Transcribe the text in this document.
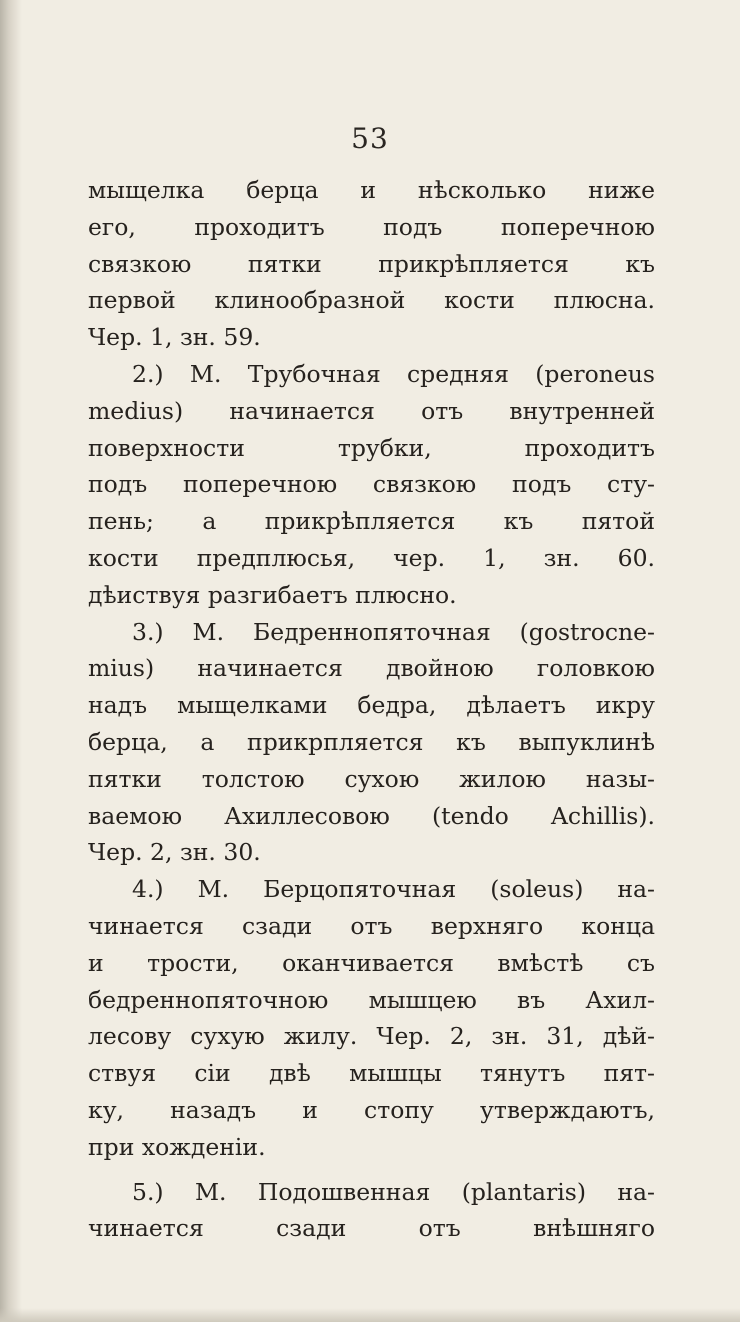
53
мыщелка берца и нѣсколько ниже
его, проходитъ подъ поперечною
связкою пятки прикрѣпляется къ
первой клинообразной кости плюсна.
Чер. 1, зн. 59.
2.) М. Трубочная средняя (peroneus
medius) начинается отъ внутренней
поверхности трубки, проходитъ
подъ поперечною связкою подъ сту-
пень; а прикрѣпляется къ пятой
кости предплюсья, чер. 1, зн. 60.
дѣиствуя разгибаетъ плюсно.
3.) М. Бедреннопяточная (gostrocne-
mius) начинается двойною головкою
надъ мыщелками бедра, дѣлаетъ икру
берца, а прикрпляется къ выпуклинѣ
пятки толстою сухою жилою назы-
ваемою Ахиллесовою (tendo Achillis).
Чер. 2, зн. 30.
4.) М. Берцопяточная (soleus) на-
чинается сзади отъ верхняго конца
и трости, оканчивается вмѣстѣ съ
бедреннопяточною мышцею въ Ахил-
лесову сухую жилу. Чер. 2, зн. 31, дѣй-
ствуя сіи двѣ мышцы тянутъ пят-
ку, назадъ и стопу утверждаютъ,
при хожденіи.
5.) М. Подошвенная (plantaris) на-
чинается сзади отъ внѣшняго
